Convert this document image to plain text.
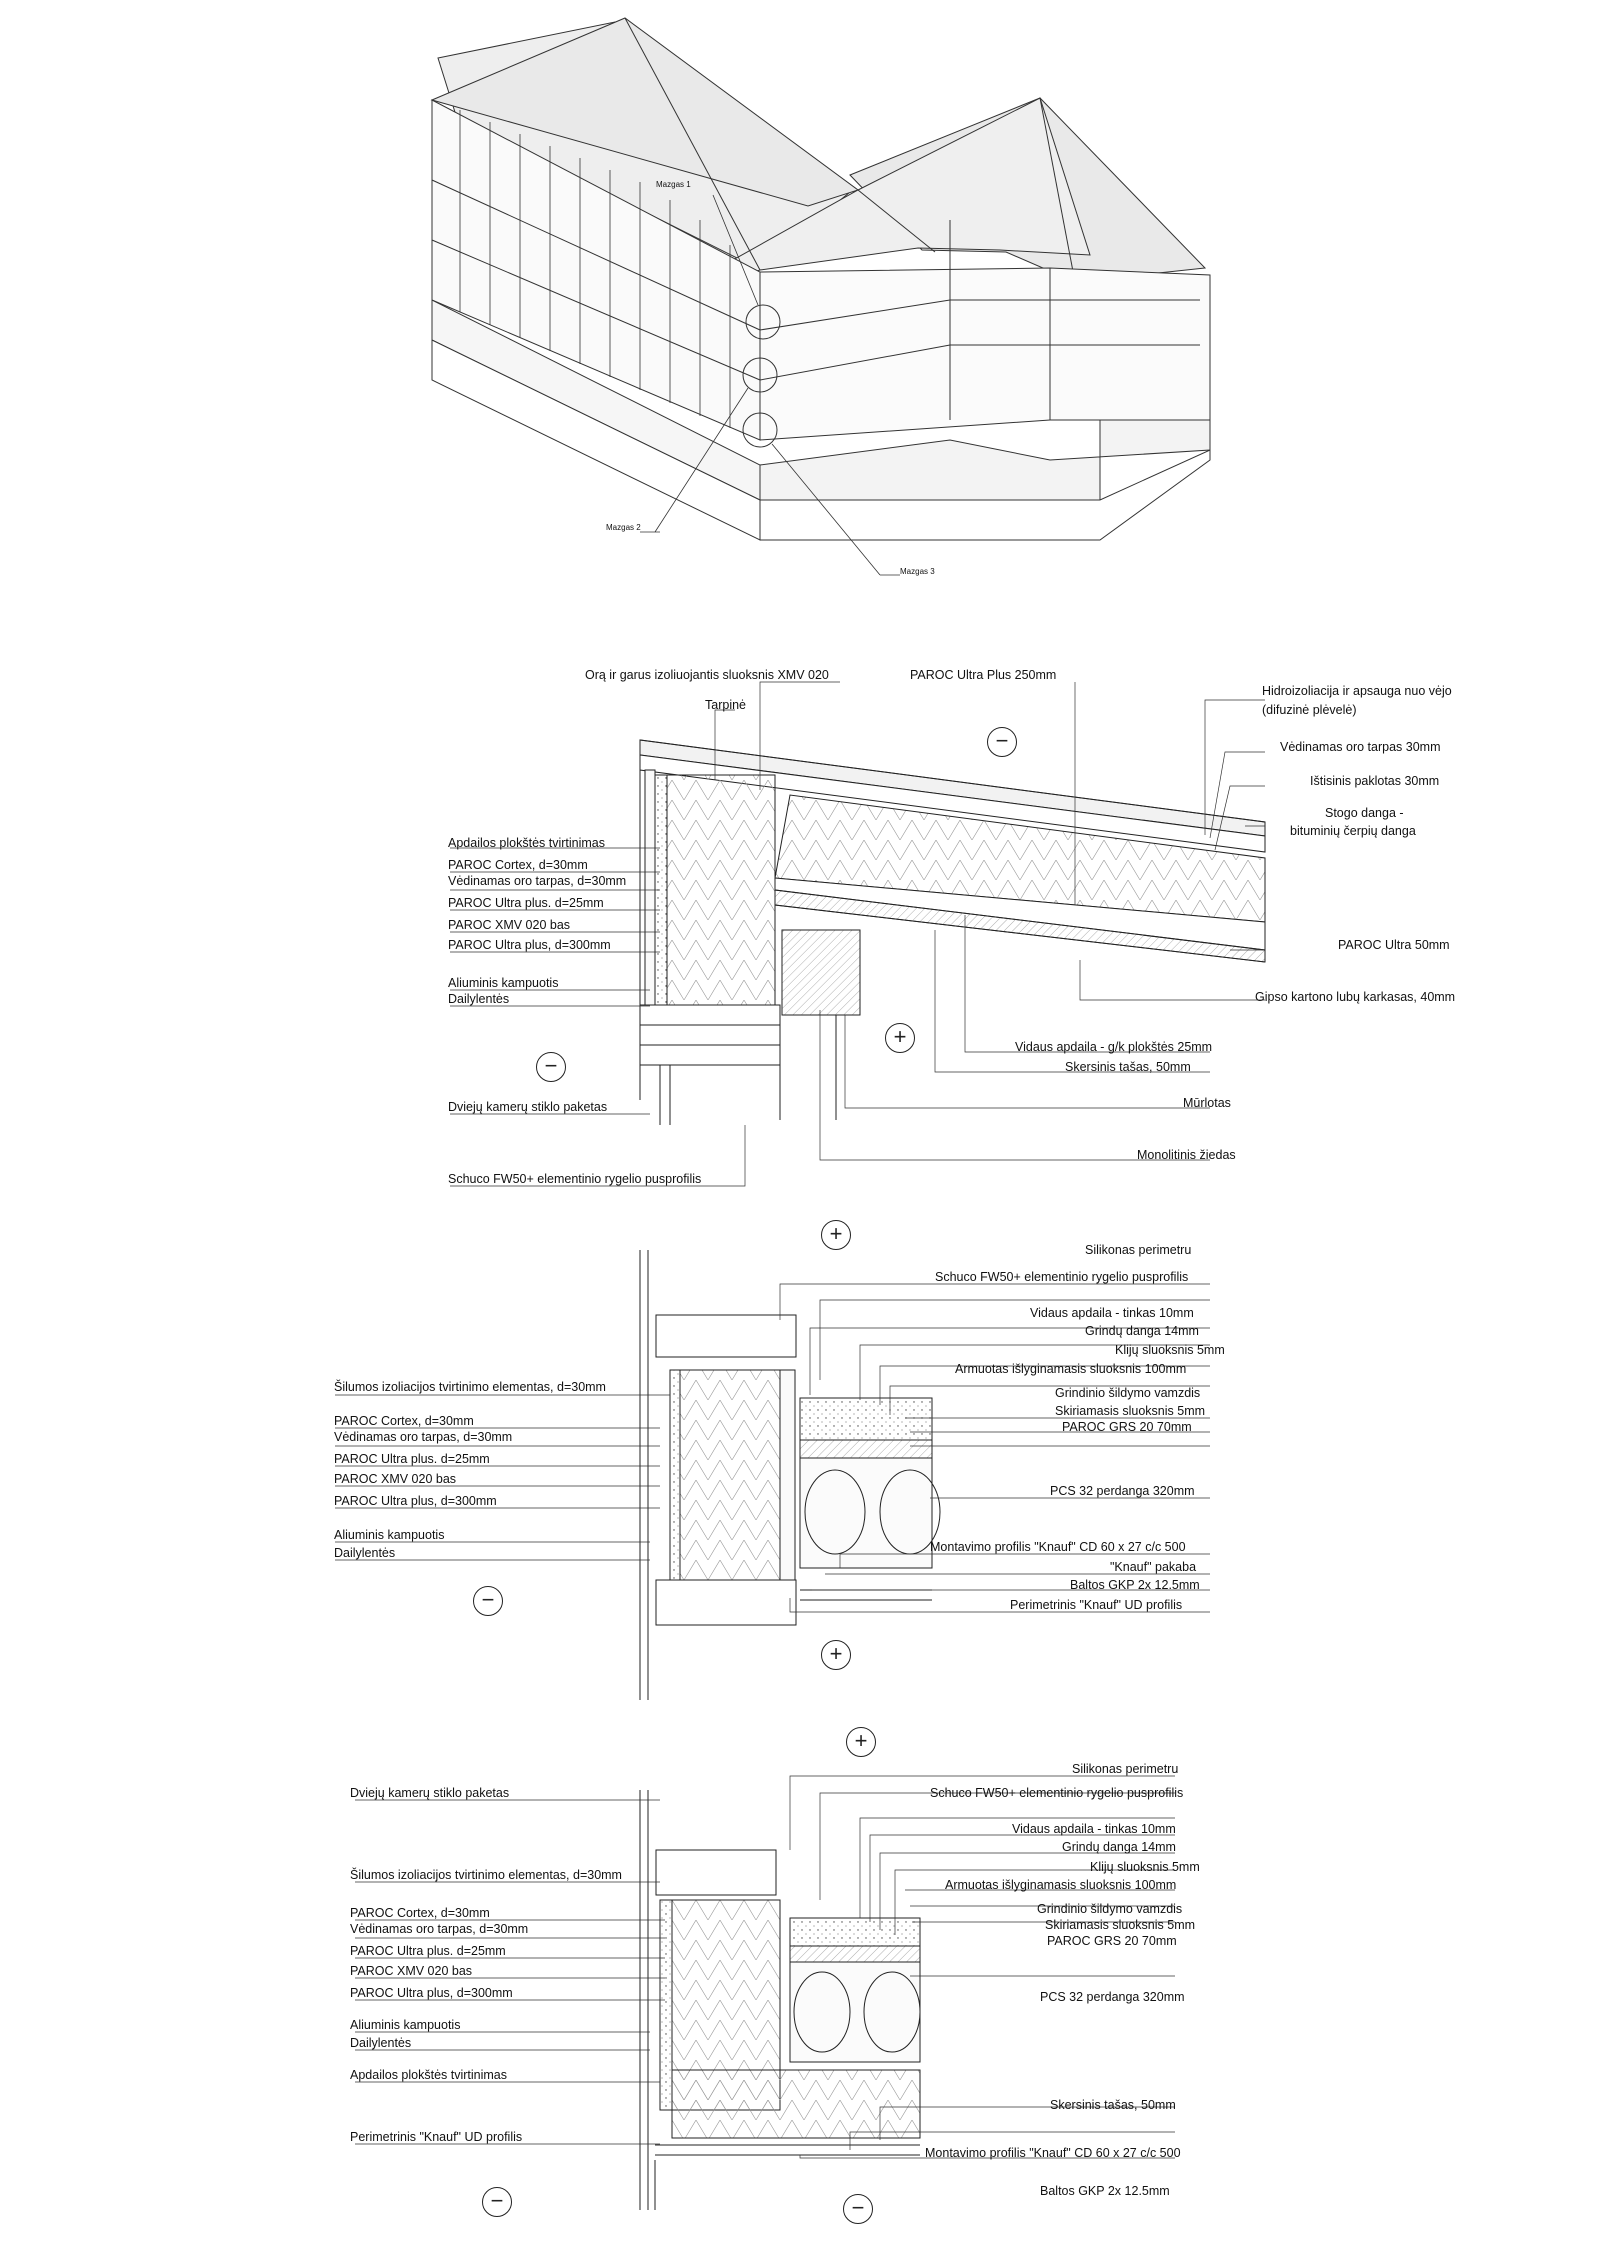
Mazgas 1
Mazgas 2
Mazgas 3
Orą ir garus izoliuojantis sluoksnis XMV 020
Tarpinė
PAROC Ultra Plus 250mm
Apdailos plokštės tvirtinimas
PAROC Cortex, d=30mm
Vėdinamas oro tarpas, d=30mm
PAROC Ultra plus. d=25mm
PAROC XMV 020 bas
PAROC Ultra plus, d=300mm
Aliuminis kampuotis
Dailylentės
Dviejų kamerų stiklo paketas
Schuco FW50+ elementinio rygelio pusprofilis
Hidroizoliacija ir apsauga nuo vėjo
(difuzinė plėvelė)
Vėdinamas oro tarpas 30mm
Ištisinis paklotas 30mm
Stogo danga -
bituminių čerpių danga
PAROC Ultra 50mm
Gipso kartono lubų karkasas, 40mm
Vidaus apdaila - g/k plokštės 25mm
Skersinis tašas, 50mm
Mūrlotas
Monolitinis žiedas
−
+
−
Šilumos izoliacijos tvirtinimo elementas, d=30mm
PAROC Cortex, d=30mm
Vėdinamas oro tarpas, d=30mm
PAROC Ultra plus. d=25mm
PAROC XMV 020 bas
PAROC Ultra plus, d=300mm
Aliuminis kampuotis
Dailylentės
Silikonas perimetru
Schuco FW50+ elementinio rygelio pusprofilis
Vidaus apdaila - tinkas 10mm
Grindų danga 14mm
Klijų sluoksnis 5mm
Armuotas išlyginamasis sluoksnis 100mm
Grindinio šildymo vamzdis
Skiriamasis sluoksnis 5mm
PAROC GRS 20 70mm
PCS 32 perdanga 320mm
Montavimo profilis "Knauf" CD 60 x 27 c/c 500
"Knauf" pakaba
Baltos GKP 2x 12.5mm
Perimetrinis "Knauf" UD profilis
+
−
+
Dviejų kamerų stiklo paketas
Šilumos izoliacijos tvirtinimo elementas, d=30mm
PAROC Cortex, d=30mm
Vėdinamas oro tarpas, d=30mm
PAROC Ultra plus. d=25mm
PAROC XMV 020 bas
PAROC Ultra plus, d=300mm
Aliuminis kampuotis
Dailylentės
Apdailos plokštės tvirtinimas
Perimetrinis "Knauf" UD profilis
Silikonas perimetru
Schuco FW50+ elementinio rygelio pusprofilis
Vidaus apdaila - tinkas 10mm
Grindų danga 14mm
Klijų sluoksnis 5mm
Armuotas išlyginamasis sluoksnis 100mm
Grindinio šildymo vamzdis
Skiriamasis sluoksnis 5mm
PAROC GRS 20 70mm
PCS 32 perdanga 320mm
Skersinis tašas, 50mm
Montavimo profilis "Knauf" CD 60 x 27 c/c 500
Baltos GKP 2x 12.5mm
+
−	−
